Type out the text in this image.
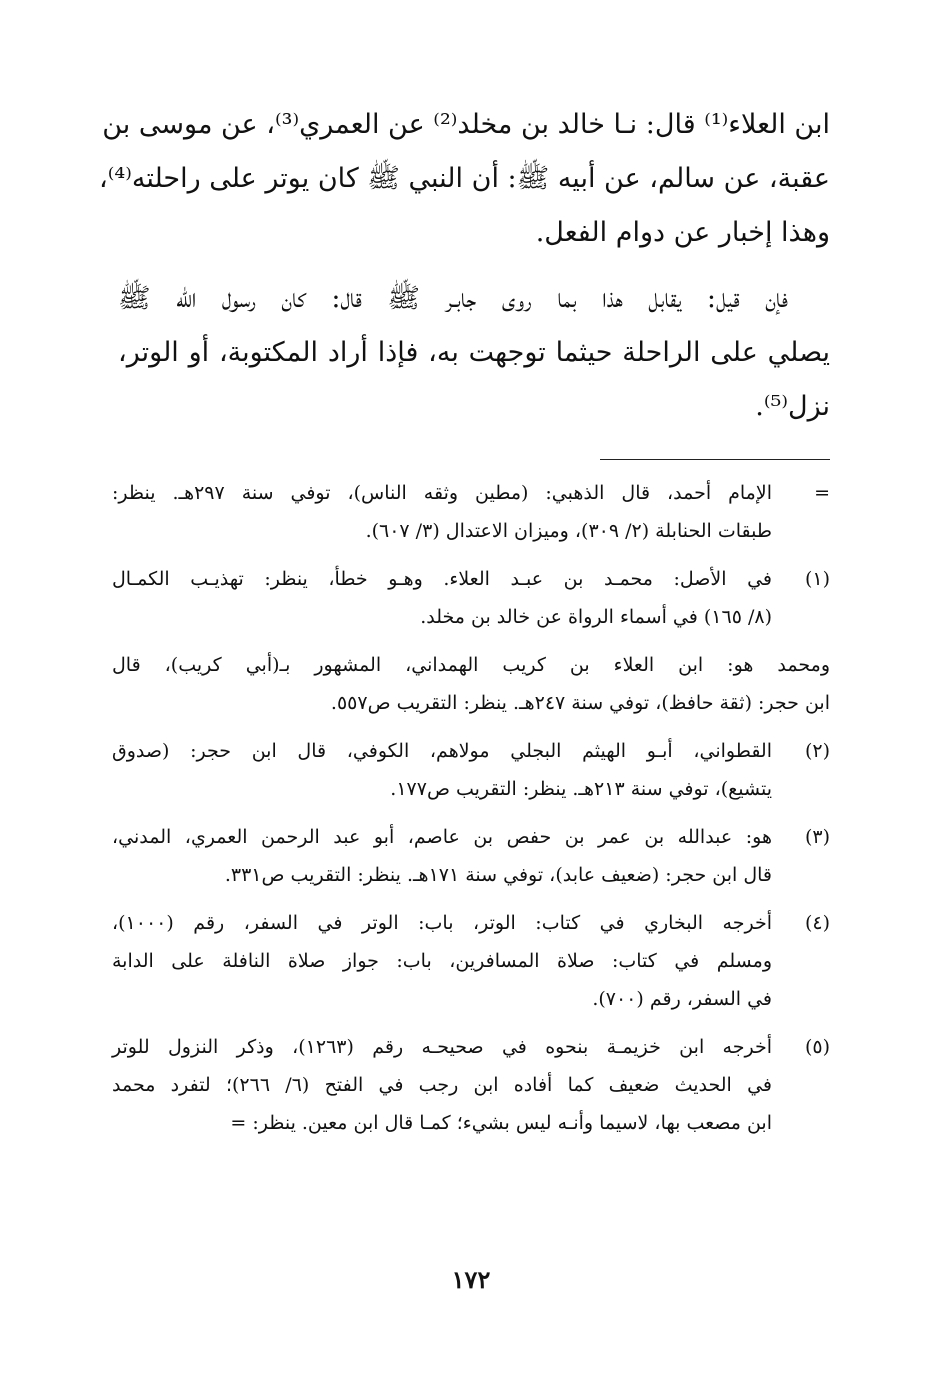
ابن العلاء⁽¹⁾ قال: نـا خالد بن مخلد⁽²⁾ عن العمري⁽³⁾، عن موسى بن
عقبة، عن سالم، عن أبيه ﷺ: أن النبي ﷺ كان يوتر على راحلته⁽⁴⁾،
وهذا إخبار عن دوام الفعل.
فإن قيل: يقابل هذا بما روى جابـر ﷺ قال: كان رسول الله ﷺ
يصلي على الراحلة حيثما توجهت به، فإذا أراد المكتوبة، أو الوتر،
نزل⁽⁵⁾.
=
الإمام أحمد، قال الذهبي: (مطين وثقه الناس)، توفي سنة ٢٩٧هـ. ينظر:
طبقات الحنابلة (٢/ ٣٠٩)، وميزان الاعتدال (٣/ ٦٠٧).
(١)
في الأصل: محمـد بن عبـد العلاء. وهـو خطأ، ينظر: تهذيـب الكمـال
(٨/ ١٦٥) في أسماء الرواة عن خالد بن مخلد.
ومحمد هو: ابن العلاء بن كريب الهمداني، المشهور بـ(أبي كريب)، قال
ابن حجر: (ثقة حافظ)، توفي سنة ٢٤٧هـ. ينظر: التقريب ص٥٥٧.
(٢)
القطواني، أبـو الهيثم البجلي مولاهم، الكوفي، قال ابن حجر: (صدوق
يتشيع)، توفي سنة ٢١٣هـ. ينظر: التقريب ص١٧٧.
(٣)
هو: عبدالله بن عمر بن حفص بن عاصم، أبو عبد الرحمن العمري، المدني،
قال ابن حجر: (ضعيف عابد)، توفي سنة ١٧١هـ. ينظر: التقريب ص٣٣١.
(٤)
أخرجه البخاري في كتاب: الوتر، باب: الوتر في السفر، رقم (١٠٠٠)،
ومسلم في كتاب: صلاة المسافرين، باب: جواز صلاة النافلة على الدابة
في السفر، رقم (٧٠٠).
(٥)
أخرجه ابن خزيمـة بنحوه في صحيحـه رقم (١٢٦٣)، وذكر النزول للوتر
في الحديث ضعيف كما أفاده ابن رجب في الفتح (٦/ ٢٦٦)؛ لتفرد محمد
ابن مصعب بها، لاسيما وأنـه ليس بشيء؛ كمـا قال ابن معين. ينظر: =
١٧٢
